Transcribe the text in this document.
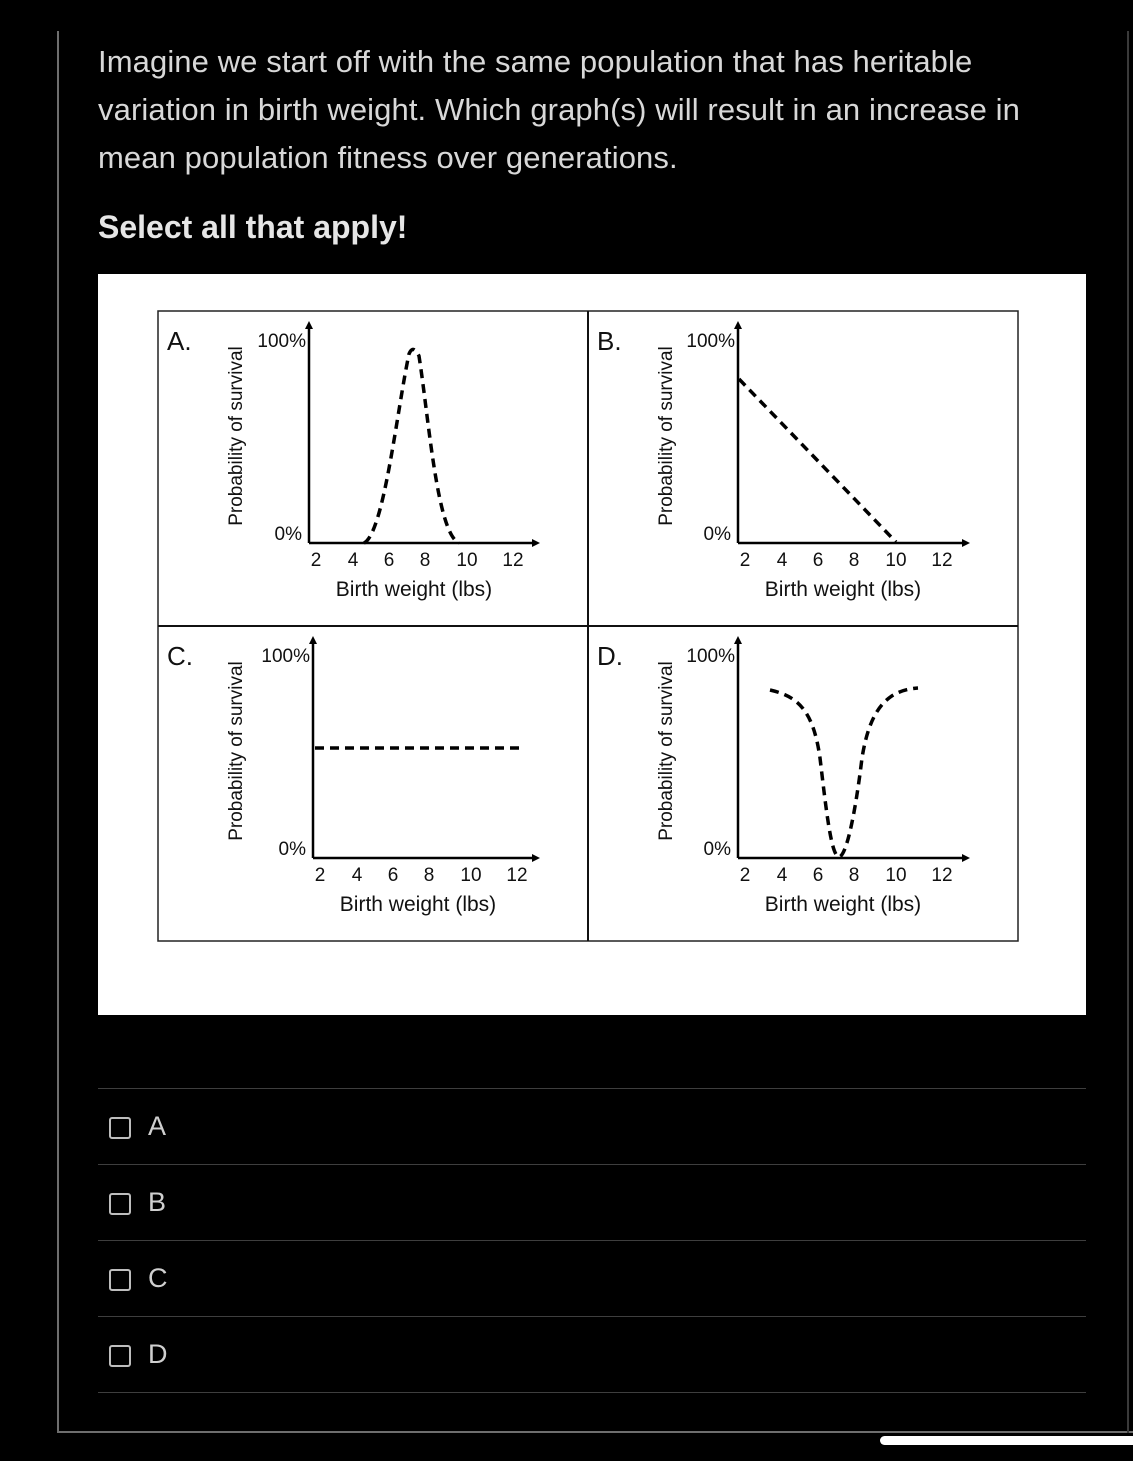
Imagine we start off with the same population that has heritable variation in birth weight. Which graph(s) will result in an increase in mean population fitness over generations.
Select all that apply!
A.
Probability of survival
100%
0%
2 4 6 8 10 12
Birth weight (lbs)
B.
Probability of survival
100%
0%
2 4 6 8 10 12
Birth weight (lbs)
C.
Probability of survival
100%
0%
2 4 6 8 10 12
Birth weight (lbs)
D.
Probability of survival
100%
0%
2 4 6 8 10 12
Birth weight (lbs)
A
B
C
D
